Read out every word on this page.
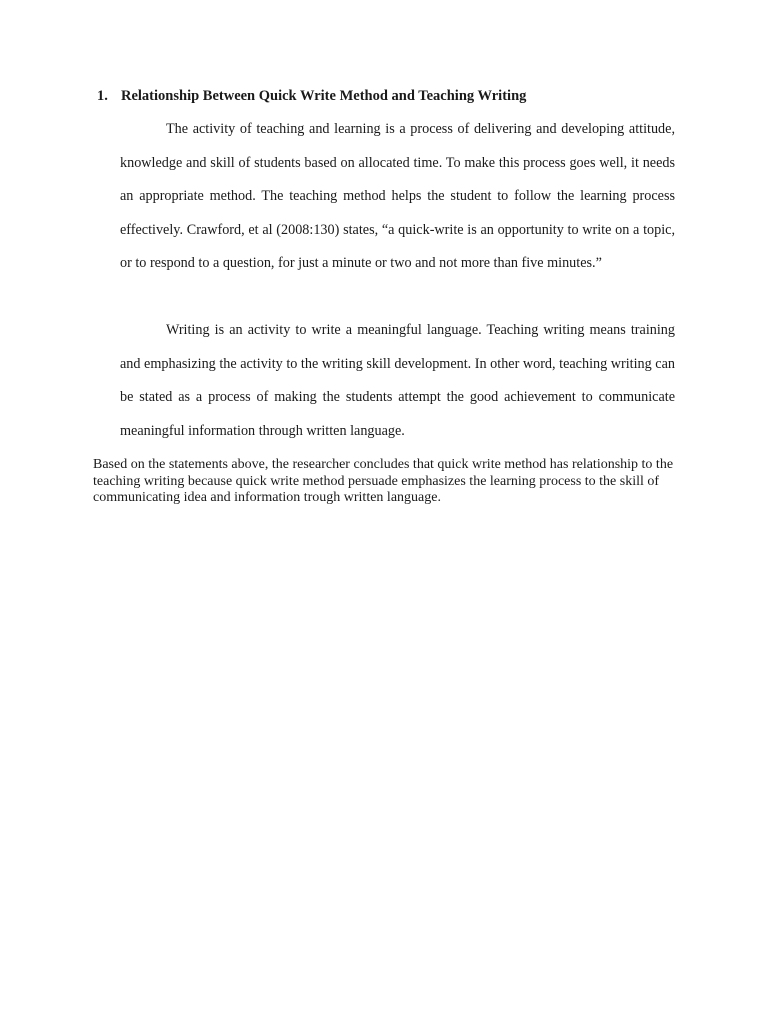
1. Relationship Between Quick Write Method and Teaching Writing

The activity of teaching and learning is a process of delivering and developing attitude, knowledge and skill of students based on allocated time. To make this process goes well, it needs an appropriate method. The teaching method helps the student to follow the learning process effectively. Crawford, et al (2008:130) states, “a quick-write is an opportunity to write on a topic, or to respond to a question, for just a minute or two and not more than five minutes.”

Writing is an activity to write a meaningful language. Teaching writing means training and emphasizing the activity to the writing skill development. In other word, teaching writing can be stated as a process of making the students attempt the good achievement to communicate meaningful information through written language.

Based on the statements above, the researcher concludes that quick write method has relationship to the teaching writing because quick write method persuade emphasizes the learning process to the skill of communicating idea and information trough written language.
